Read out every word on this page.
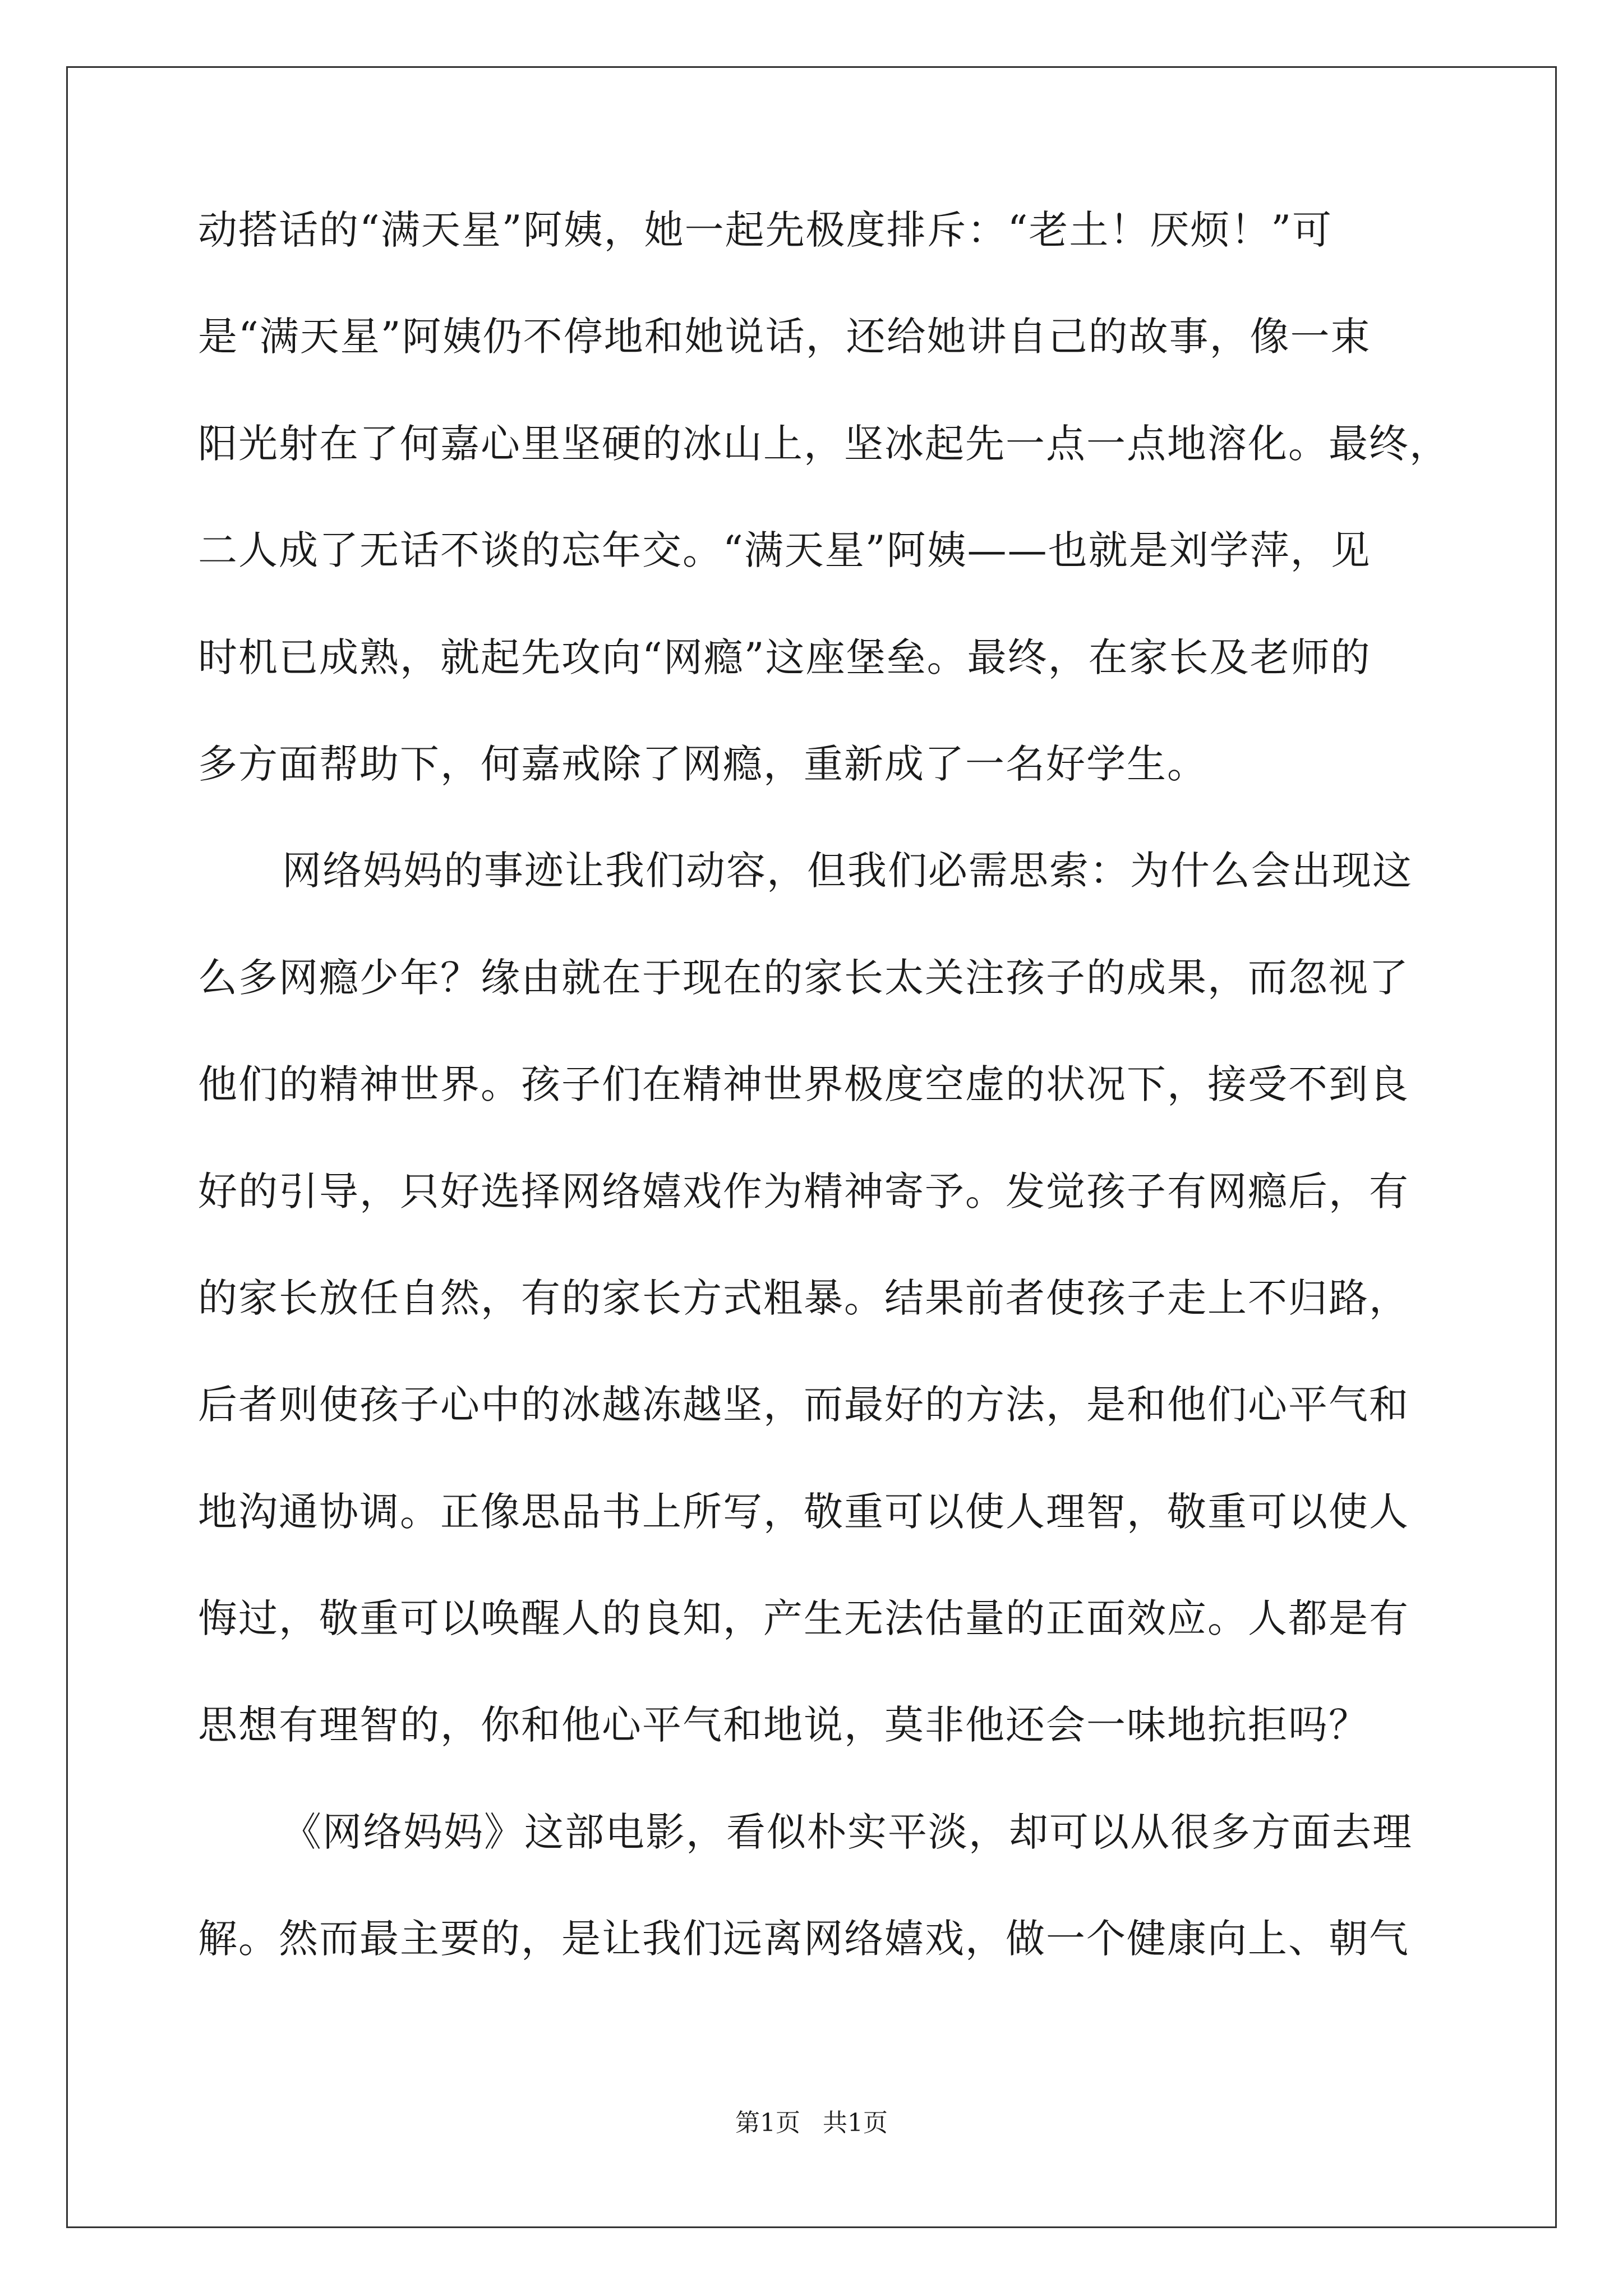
动搭话的“满天星”阿姨，她一起先极度排斥：“老土！厌烦！”可
是“满天星”阿姨仍不停地和她说话，还给她讲自己的故事，像一束
阳光射在了何嘉心里坚硬的冰山上，坚冰起先一点一点地溶化。最终，
二人成了无话不谈的忘年交。“满天星”阿姨——也就是刘学萍，见
时机已成熟，就起先攻向“网瘾”这座堡垒。最终，在家长及老师的
多方面帮助下，何嘉戒除了网瘾，重新成了一名好学生。
网络妈妈的事迹让我们动容，但我们必需思索：为什么会出现这
么多网瘾少年？缘由就在于现在的家长太关注孩子的成果，而忽视了
他们的精神世界。孩子们在精神世界极度空虚的状况下，接受不到良
好的引导，只好选择网络嬉戏作为精神寄予。发觉孩子有网瘾后，有
的家长放任自然，有的家长方式粗暴。结果前者使孩子走上不归路，
后者则使孩子心中的冰越冻越坚，而最好的方法，是和他们心平气和
地沟通协调。正像思品书上所写，敬重可以使人理智，敬重可以使人
悔过，敬重可以唤醒人的良知，产生无法估量的正面效应。人都是有
思想有理智的，你和他心平气和地说，莫非他还会一味地抗拒吗？
《网络妈妈》这部电影，看似朴实平淡，却可以从很多方面去理
解。然而最主要的，是让我们远离网络嬉戏，做一个健康向上、朝气
第1页 共1页
